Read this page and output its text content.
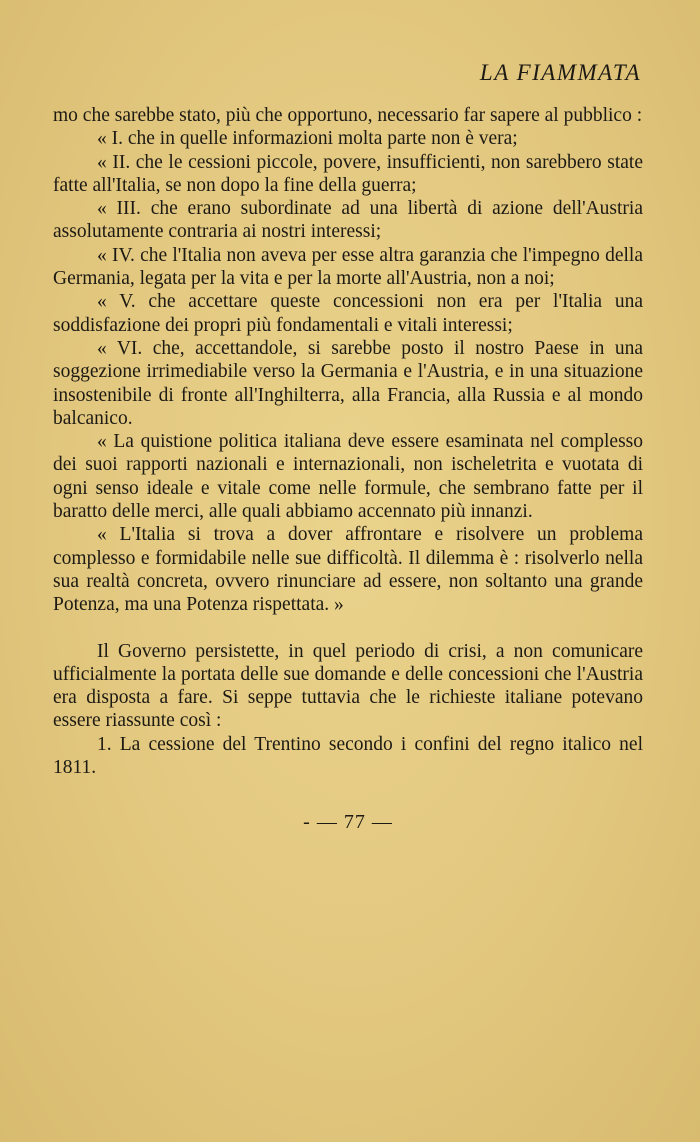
LA FIAMMATA

mo che sarebbe stato, più che opportuno, necessario far sapere al pubblico :

« I. che in quelle informazioni molta parte non è vera;

« II. che le cessioni piccole, povere, insufficienti, non sarebbero state fatte all'Italia, se non dopo la fine della guerra;

« III. che erano subordinate ad una libertà di azione dell'Austria assolutamente contraria ai nostri interessi;

« IV. che l'Italia non aveva per esse altra garanzia che l'impegno della Germania, legata per la vita e per la morte all'Austria, non a noi;

« V. che accettare queste concessioni non era per l'Italia una soddisfazione dei propri più fondamentali e vitali interessi;

« VI. che, accettandole, si sarebbe posto il nostro Paese in una soggezione irrimediabile verso la Germania e l'Austria, e in una situazione insostenibile di fronte all'Inghilterra, alla Francia, alla Russia e al mondo balcanico.

« La quistione politica italiana deve essere esaminata nel complesso dei suoi rapporti nazionali e internazionali, non ischeletrita e vuotata di ogni senso ideale e vitale come nelle formule, che sembrano fatte per il baratto delle merci, alle quali abbiamo accennato più innanzi.

« L'Italia si trova a dover affrontare e risolvere un problema complesso e formidabile nelle sue difficoltà. Il dilemma è : risolverlo nella sua realtà concreta, ovvero rinunciare ad essere, non soltanto una grande Potenza, ma una Potenza rispettata. »

Il Governo persistette, in quel periodo di crisi, a non comunicare ufficialmente la portata delle sue domande e delle concessioni che l'Austria era disposta a fare. Si seppe tuttavia che le richieste italiane potevano essere riassunte così :

1. La cessione del Trentino secondo i confini del regno italico nel 1811.

- — 77 —
